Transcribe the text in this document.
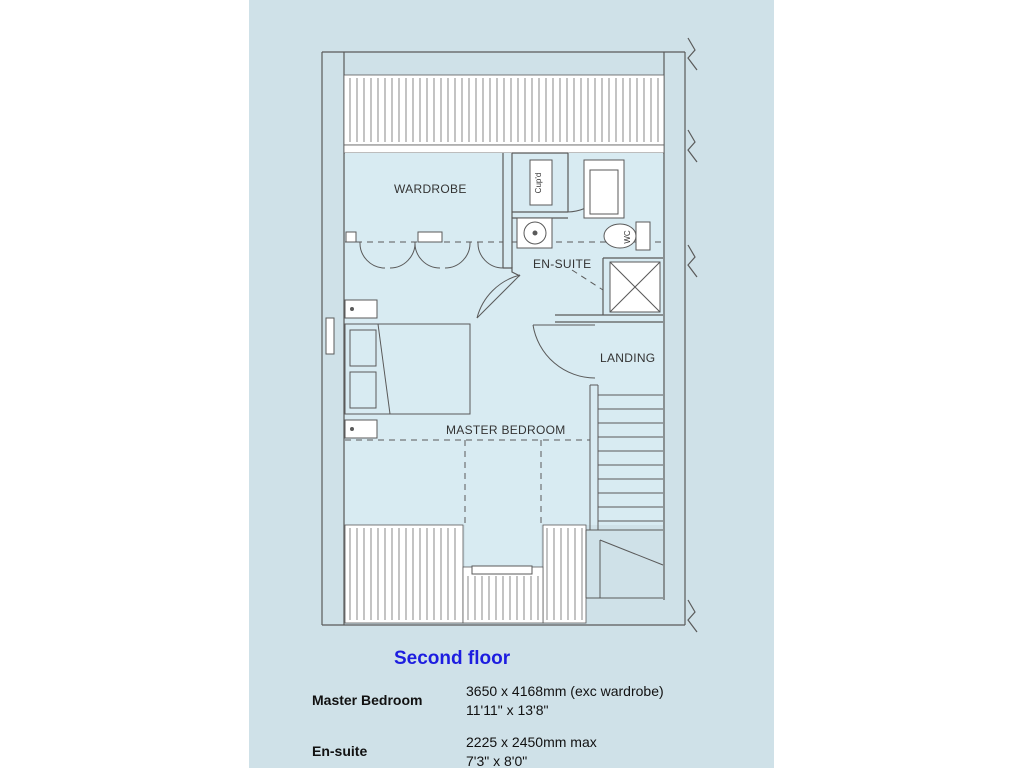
WARDROBE	Cup'd
WC
EN-SUITE
LANDING
MASTER BEDROOM
Second floor
Master Bedroom
3650 x 4168mm (exc wardrobe)
11'11" x 13'8"
En-suite
2225 x 2450mm max
7'3" x 8'0"
